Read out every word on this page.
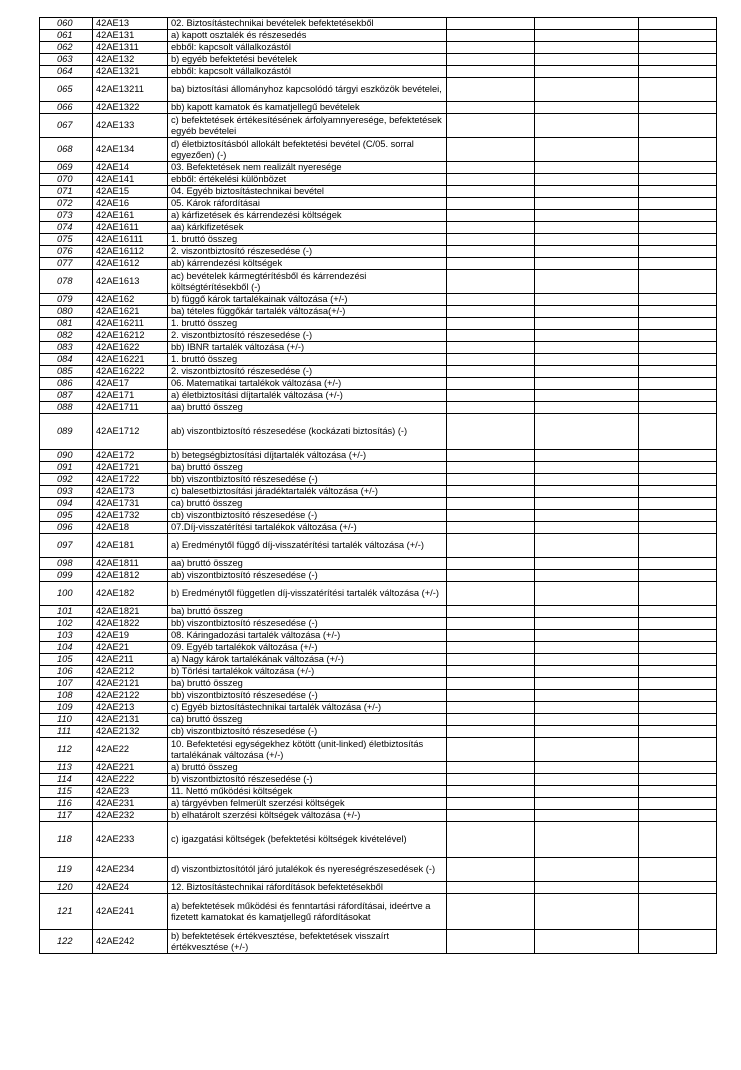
060	42AE13	02. Biztosítástechnikai bevételek befektetésekből			
061	42AE131	a) kapott osztalék és részesedés			
062	42AE1311	ebből: kapcsolt vállalkozástól			
063	42AE132	b) egyéb befektetési bevételek			
064	42AE1321	ebből: kapcsolt vállalkozástól			
065	42AE13211	ba) biztosítási állományhoz kapcsolódó tárgyi eszközök bevételei,			
066	42AE1322	bb) kapott kamatok és kamatjellegű bevételek			
067	42AE133	c) befektetések értékesítésének árfolyamnyeresége, befektetések egyéb bevételei			
068	42AE134	d) életbiztosításból allokált befektetési bevétel (C/05. sorral egyezően) (-)			
069	42AE14	03. Befektetések nem realizált nyeresége			
070	42AE141	ebből: értékelési különbözet			
071	42AE15	04. Egyéb biztosítástechnikai bevétel			
072	42AE16	05. Károk ráfordításai			
073	42AE161	a) kárfizetések és kárrendezési költségek			
074	42AE1611	aa) kárkifizetések			
075	42AE16111	1. bruttó összeg			
076	42AE16112	2. viszontbiztosító részesedése (-)			
077	42AE1612	ab) kárrendezési költségek			
078	42AE1613	ac) bevételek kármegtérítésből és kárrendezési költségtérítésekből (-)			
079	42AE162	b) függő károk tartalékainak változása (+/-)			
080	42AE1621	ba) tételes függőkár tartalék változása(+/-)			
081	42AE16211	1. bruttó összeg			
082	42AE16212	2. viszontbiztosító részesedése (-)			
083	42AE1622	bb) IBNR tartalék változása (+/-)			
084	42AE16221	1. bruttó összeg			
085	42AE16222	2. viszontbiztosító részesedése (-)			
086	42AE17	06. Matematikai tartalékok változása (+/-)			
087	42AE171	a) életbiztosítási díjtartalék változása (+/-)			
088	42AE1711	aa) bruttó összeg			
089	42AE1712	ab) viszontbiztosító részesedése (kockázati biztosítás) (-)			
090	42AE172	b) betegségbiztosítási díjtartalék változása (+/-)			
091	42AE1721	ba) bruttó összeg			
092	42AE1722	bb) viszontbiztosító részesedése (-)			
093	42AE173	c) balesetbiztosítási járadéktartalék változása (+/-)			
094	42AE1731	ca) bruttó összeg			
095	42AE1732	cb) viszontbiztosító részesedése (-)			
096	42AE18	07.Díj-visszatérítési tartalékok változása (+/-)			
097	42AE181	a) Eredménytől függő díj-visszatérítési tartalék változása (+/-)			
098	42AE1811	aa) bruttó összeg			
099	42AE1812	ab) viszontbiztosító részesedése (-)			
100	42AE182	b) Eredménytől független díj-visszatérítési tartalék változása (+/-)			
101	42AE1821	ba) bruttó összeg			
102	42AE1822	bb) viszontbiztosító részesedése (-)			
103	42AE19	08. Káringadozási tartalék változása (+/-)			
104	42AE21	09. Egyéb tartalékok változása (+/-)			
105	42AE211	a) Nagy károk tartalékának változása (+/-)			
106	42AE212	b) Törlési tartalékok változása (+/-)			
107	42AE2121	ba) bruttó összeg			
108	42AE2122	bb) viszontbiztosító részesedése (-)			
109	42AE213	c) Egyéb biztosítástechnikai tartalék változása (+/-)			
110	42AE2131	ca) bruttó összeg			
111	42AE2132	cb) viszontbiztosító részesedése (-)			
112	42AE22	10. Befektetési egységekhez kötött (unit-linked) életbiztosítás tartalékának változása (+/-)			
113	42AE221	a) bruttó összeg			
114	42AE222	b) viszontbiztosító részesedése (-)			
115	42AE23	11. Nettó működési költségek			
116	42AE231	a) tárgyévben felmerült szerzési költségek			
117	42AE232	b) elhatárolt szerzési költségek változása (+/-)			
118	42AE233	c) igazgatási költségek (befektetési költségek kivételével)			
119	42AE234	d) viszontbiztosítótól járó jutalékok és nyereségrészesedések (-)			
120	42AE24	12. Biztosítástechnikai ráfordítások befektetésekből			
121	42AE241	a) befektetések működési és fenntartási ráfordításai, ideértve a fizetett kamatokat és kamatjellegű ráfordításokat			
122	42AE242	b) befektetések értékvesztése, befektetések visszaírt értékvesztése (+/-)			
